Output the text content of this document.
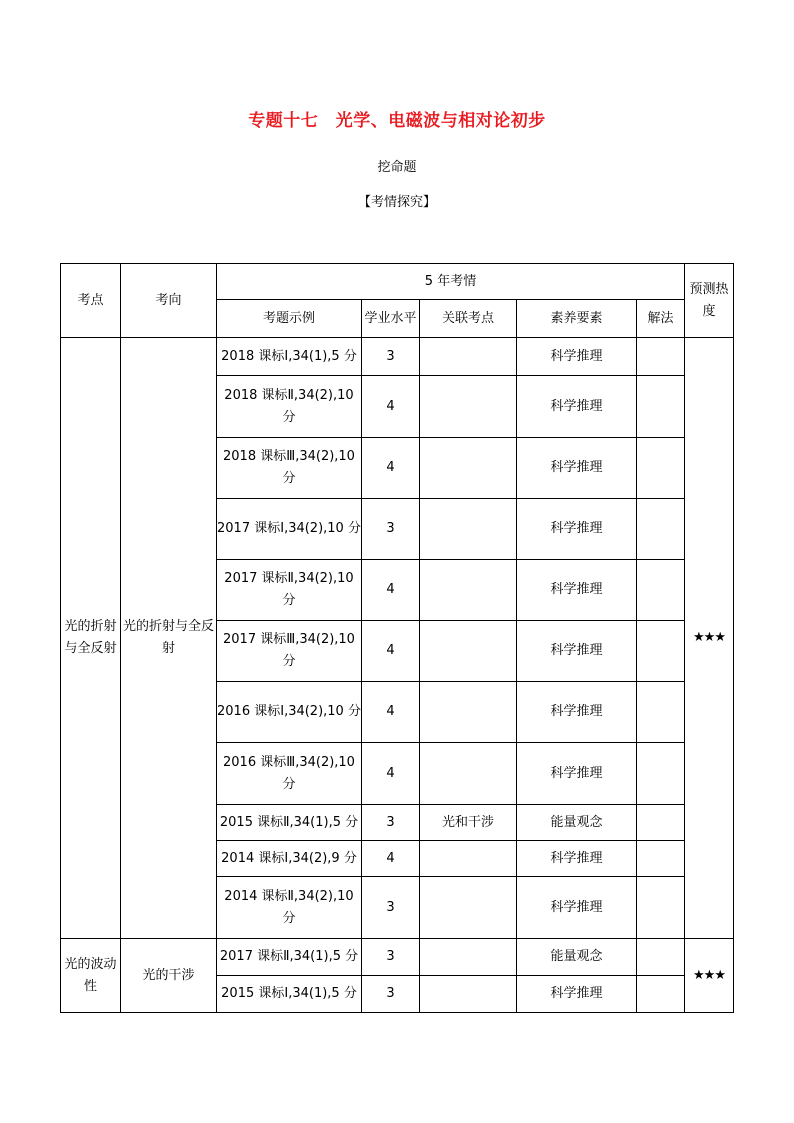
专题十七　光学、电磁波与相对论初步
挖命题
【考情探究】
考点	考向	5 年考情					预测热度
		考题示例	学业水平	关联考点	素养要素	解法	
光的折射与全反射	光的折射与全反射	2018 课标Ⅰ,34(1),5 分	3		科学推理		★★★
		2018 课标Ⅱ,34(2),10 分	4		科学推理		
		2018 课标Ⅲ,34(2),10 分	4		科学推理		
		2017 课标Ⅰ,34(2),10 分	3		科学推理		
		2017 课标Ⅱ,34(2),10 分	4		科学推理		
		2017 课标Ⅲ,34(2),10 分	4		科学推理		
		2016 课标Ⅰ,34(2),10 分	4		科学推理		
		2016 课标Ⅲ,34(2),10 分	4		科学推理		
		2015 课标Ⅱ,34(1),5 分	3	光和干涉	能量观念		
		2014 课标Ⅰ,34(2),9 分	4		科学推理		
		2014 课标Ⅱ,34(2),10 分	3		科学推理		
光的波动性	光的干涉	2017 课标Ⅱ,34(1),5 分	3		能量观念		★★★
		2015 课标Ⅰ,34(1),5 分	3		科学推理		
